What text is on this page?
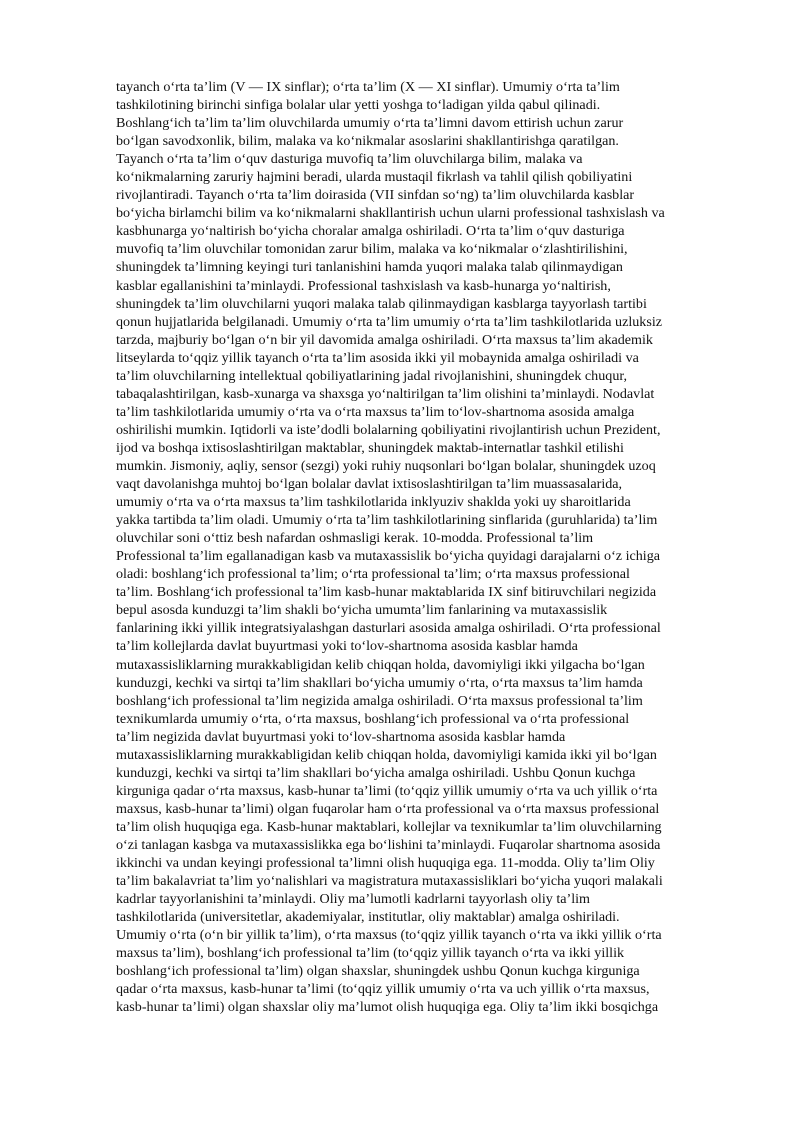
tayanch o‘rta ta’lim (V — IX sinflar); o‘rta ta’lim (X — XI sinflar). Umumiy o‘rta ta’lim
tashkilotining birinchi sinfiga bolalar ular yetti yoshga to‘ladigan yilda qabul qilinadi.
Boshlang‘ich ta’lim ta’lim oluvchilarda umumiy o‘rta ta’limni davom ettirish uchun zarur
bo‘lgan savodxonlik, bilim, malaka va ko‘nikmalar asoslarini shakllantirishga qaratilgan.
Tayanch o‘rta ta’lim o‘quv dasturiga muvofiq ta’lim oluvchilarga bilim, malaka va
ko‘nikmalarning zaruriy hajmini beradi, ularda mustaqil fikrlash va tahlil qilish qobiliyatini
rivojlantiradi. Tayanch o‘rta ta’lim doirasida (VII sinfdan so‘ng) ta’lim oluvchilarda kasblar
bo‘yicha birlamchi bilim va ko‘nikmalarni shakllantirish uchun ularni professional tashxislash va
kasbhunarga yo‘naltirish bo‘yicha choralar amalga oshiriladi. O‘rta ta’lim o‘quv dasturiga
muvofiq ta’lim oluvchilar tomonidan zarur bilim, malaka va ko‘nikmalar o‘zlashtirilishini,
shuningdek ta’limning keyingi turi tanlanishini hamda yuqori malaka talab qilinmaydigan
kasblar egallanishini ta’minlaydi. Professional tashxislash va kasb-hunarga yo‘naltirish,
shuningdek ta’lim oluvchilarni yuqori malaka talab qilinmaydigan kasblarga tayyorlash tartibi
qonun hujjatlarida belgilanadi. Umumiy o‘rta ta’lim umumiy o‘rta ta’lim tashkilotlarida uzluksiz
tarzda, majburiy bo‘lgan o‘n bir yil davomida amalga oshiriladi. O‘rta maxsus ta’lim akademik
litseylarda to‘qqiz yillik tayanch o‘rta ta’lim asosida ikki yil mobaynida amalga oshiriladi va
ta’lim oluvchilarning intellektual qobiliyatlarining jadal rivojlanishini, shuningdek chuqur,
tabaqalashtirilgan, kasb-xunarga va shaxsga yo‘naltirilgan ta’lim olishini ta’minlaydi. Nodavlat
ta’lim tashkilotlarida umumiy o‘rta va o‘rta maxsus ta’lim to‘lov-shartnoma asosida amalga
oshirilishi mumkin. Iqtidorli va iste’dodli bolalarning qobiliyatini rivojlantirish uchun Prezident,
ijod va boshqa ixtisoslashtirilgan maktablar, shuningdek maktab-internatlar tashkil etilishi
mumkin. Jismoniy, aqliy, sensor (sezgi) yoki ruhiy nuqsonlari bo‘lgan bolalar, shuningdek uzoq
vaqt davolanishga muhtoj bo‘lgan bolalar davlat ixtisoslashtirilgan ta’lim muassasalarida,
umumiy o‘rta va o‘rta maxsus ta’lim tashkilotlarida inklyuziv shaklda yoki uy sharoitlarida
yakka tartibda ta’lim oladi. Umumiy o‘rta ta’lim tashkilotlarining sinflarida (guruhlarida) ta’lim
oluvchilar soni o‘ttiz besh nafardan oshmasligi kerak. 10-modda. Professional ta’lim
Professional ta’lim egallanadigan kasb va mutaxassislik bo‘yicha quyidagi darajalarni o‘z ichiga
oladi: boshlang‘ich professional ta’lim; o‘rta professional ta’lim; o‘rta maxsus professional
ta’lim. Boshlang‘ich professional ta’lim kasb-hunar maktablarida IX sinf bitiruvchilari negizida
bepul asosda kunduzgi ta’lim shakli bo‘yicha umumta’lim fanlarining va mutaxassislik
fanlarining ikki yillik integratsiyalashgan dasturlari asosida amalga oshiriladi. O‘rta professional
ta’lim kollejlarda davlat buyurtmasi yoki to‘lov-shartnoma asosida kasblar hamda
mutaxassisliklarning murakkabligidan kelib chiqqan holda, davomiyligi ikki yilgacha bo‘lgan
kunduzgi, kechki va sirtqi ta’lim shakllari bo‘yicha umumiy o‘rta, o‘rta maxsus ta’lim hamda
boshlang‘ich professional ta’lim negizida amalga oshiriladi. O‘rta maxsus professional ta’lim
texnikumlarda umumiy o‘rta, o‘rta maxsus, boshlang‘ich professional va o‘rta professional
ta’lim negizida davlat buyurtmasi yoki to‘lov-shartnoma asosida kasblar hamda
mutaxassisliklarning murakkabligidan kelib chiqqan holda, davomiyligi kamida ikki yil bo‘lgan
kunduzgi, kechki va sirtqi ta’lim shakllari bo‘yicha amalga oshiriladi. Ushbu Qonun kuchga
kirguniga qadar o‘rta maxsus, kasb-hunar ta’limi (to‘qqiz yillik umumiy o‘rta va uch yillik o‘rta
maxsus, kasb-hunar ta’limi) olgan fuqarolar ham o‘rta professional va o‘rta maxsus professional
ta’lim olish huquqiga ega. Kasb-hunar maktablari, kollejlar va texnikumlar ta’lim oluvchilarning
o‘zi tanlagan kasbga va mutaxassislikka ega bo‘lishini ta’minlaydi. Fuqarolar shartnoma asosida
ikkinchi va undan keyingi professional ta’limni olish huquqiga ega. 11-modda. Oliy ta’lim Oliy
ta’lim bakalavriat ta’lim yo‘nalishlari va magistratura mutaxassisliklari bo‘yicha yuqori malakali
kadrlar tayyorlanishini ta’minlaydi. Oliy ma’lumotli kadrlarni tayyorlash oliy ta’lim
tashkilotlarida (universitetlar, akademiyalar, institutlar, oliy maktablar) amalga oshiriladi.
Umumiy o‘rta (o‘n bir yillik ta’lim), o‘rta maxsus (to‘qqiz yillik tayanch o‘rta va ikki yillik o‘rta
maxsus ta’lim), boshlang‘ich professional ta’lim (to‘qqiz yillik tayanch o‘rta va ikki yillik
boshlang‘ich professional ta’lim) olgan shaxslar, shuningdek ushbu Qonun kuchga kirguniga
qadar o‘rta maxsus, kasb-hunar ta’limi (to‘qqiz yillik umumiy o‘rta va uch yillik o‘rta maxsus,
kasb-hunar ta’limi) olgan shaxslar oliy ma’lumot olish huquqiga ega. Oliy ta’lim ikki bosqichga
